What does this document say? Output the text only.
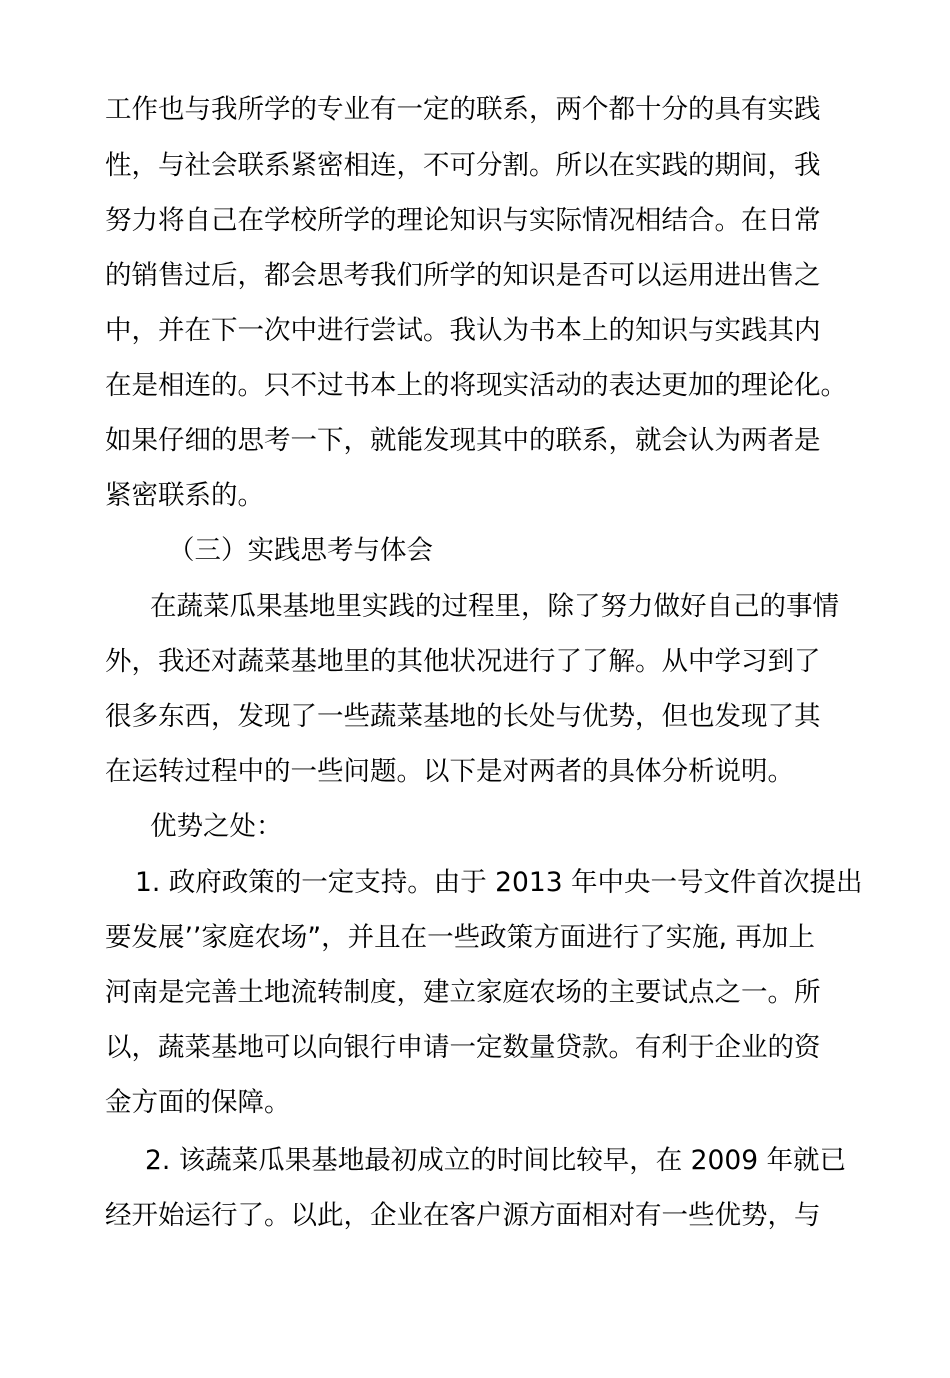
工作也与我所学的专业有一定的联系，两个都十分的具有实践
性，与社会联系紧密相连，不可分割。所以在实践的期间，我
努力将自己在学校所学的理论知识与实际情况相结合。在日常
的销售过后，都会思考我们所学的知识是否可以运用进出售之
中，并在下一次中进行尝试。我认为书本上的知识与实践其内
在是相连的。只不过书本上的将现实活动的表达更加的理论化。
如果仔细的思考一下，就能发现其中的联系，就会认为两者是
紧密联系的。
（三）实践思考与体会
在蔬菜瓜果基地里实践的过程里，除了努力做好自己的事情
外，我还对蔬菜基地里的其他状况进行了了解。从中学习到了
很多东西，发现了一些蔬菜基地的长处与优势，但也发现了其
在运转过程中的一些问题。以下是对两者的具体分析说明。
优势之处：
1. 政府政策的一定支持。由于 2013 年中央一号文件首次提出
要发展’’家庭农场”，并且在一些政策方面进行了实施, 再加上
河南是完善土地流转制度，建立家庭农场的主要试点之一。所
以，蔬菜基地可以向银行申请一定数量贷款。有利于企业的资
金方面的保障。
2. 该蔬菜瓜果基地最初成立的时间比较早，在 2009 年就已
经开始运行了。以此，企业在客户源方面相对有一些优势，与
